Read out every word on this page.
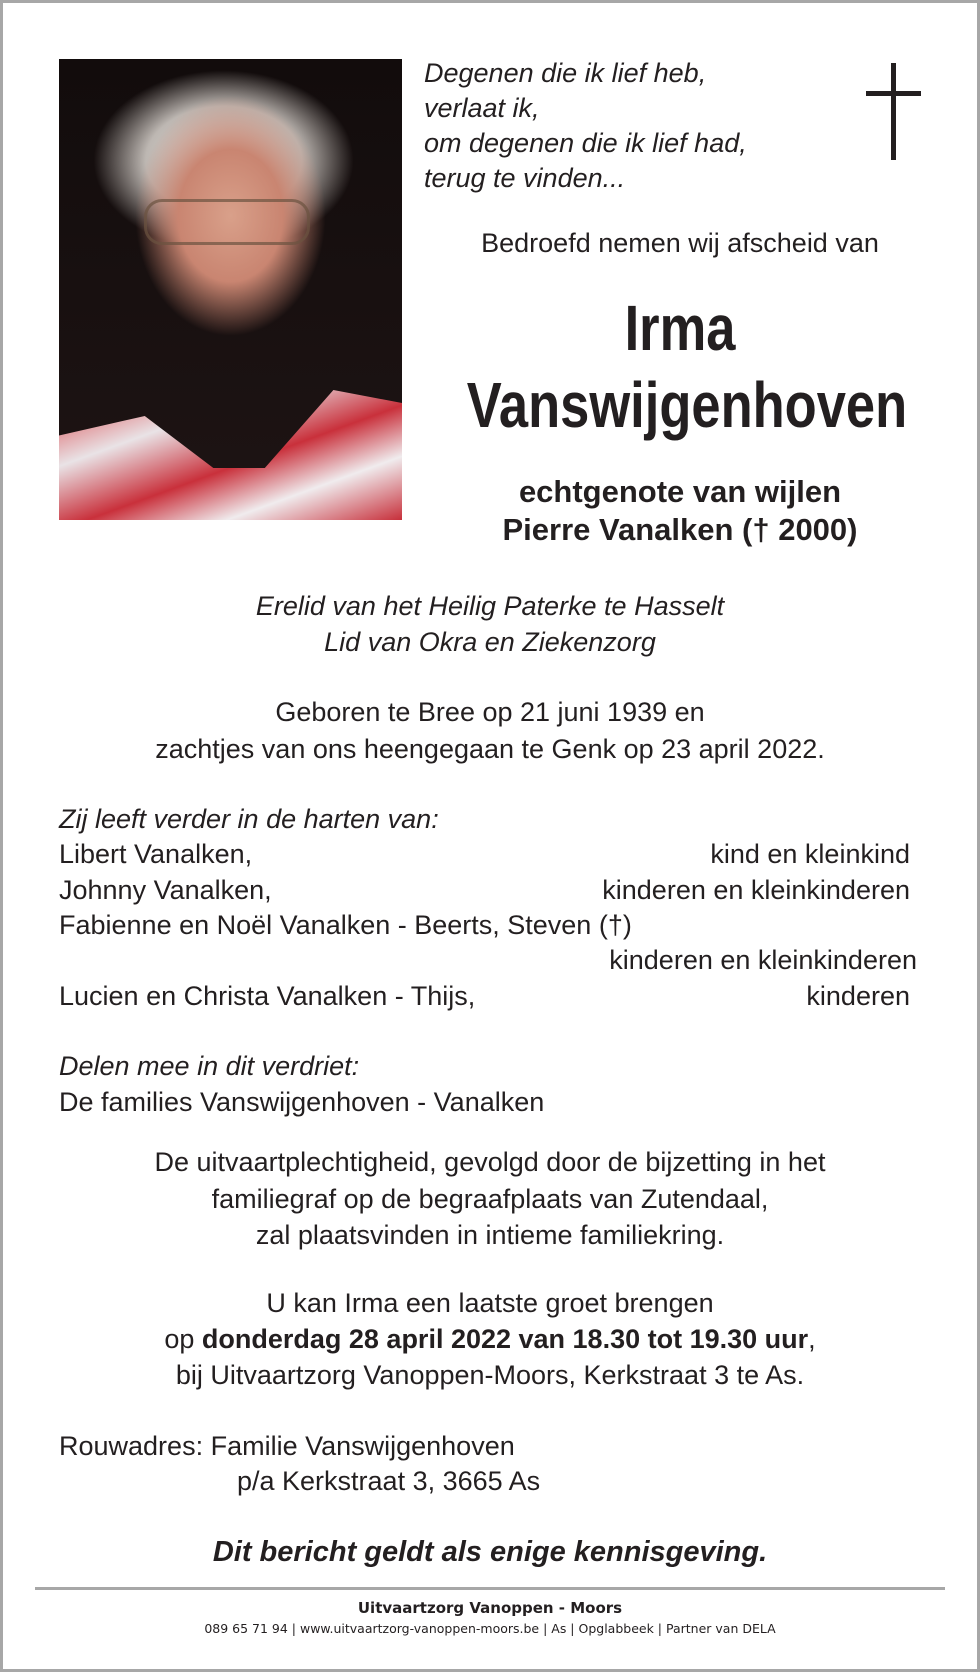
Degenen die ik lief heb,
verlaat ik,
om degenen die ik lief had,
terug te vinden...
Bedroefd nemen wij afscheid van
Irma
Vanswijgenhoven
echtgenote van wijlen
Pierre Vanalken († 2000)
Erelid van het Heilig Paterke te Hasselt
Lid van Okra en Ziekenzorg
Geboren te Bree op 21 juni 1939 en
zachtjes van ons heengegaan te Genk op 23 april 2022.
Zij leeft verder in de harten van:
Libert Vanalken,	kind en kleinkind
Johnny Vanalken,	kinderen en kleinkinderen
Fabienne en Noël Vanalken - Beerts, Steven (†)
kinderen en kleinkinderen
Lucien en Christa Vanalken - Thijs,	kinderen
Delen mee in dit verdriet:
De families Vanswijgenhoven - Vanalken
De uitvaartplechtigheid, gevolgd door de bijzetting in het
familiegraf op de begraafplaats van Zutendaal,
zal plaatsvinden in intieme familiekring.
U kan Irma een laatste groet brengen
op donderdag 28 april 2022 van 18.30 tot 19.30 uur,
bij Uitvaartzorg Vanoppen-Moors, Kerkstraat 3 te As.
Rouwadres: Familie Vanswijgenhoven
p/a Kerkstraat 3, 3665 As
Dit bericht geldt als enige kennisgeving.
Uitvaartzorg Vanoppen - Moors
089 65 71 94 | www.uitvaartzorg-vanoppen-moors.be | As | Opglabbeek | Partner van DELA
